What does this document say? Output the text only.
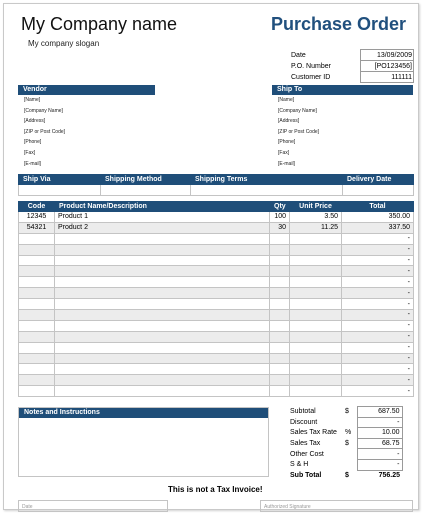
My Company name
My company slogan
Purchase Order
Date	13/09/2009
P.O. Number	[PO123456]
Customer ID	111111
Vendor
[Name]
[Company Name]
[Address]
[ZIP or Post Code]
[Phone]
[Fax]
[E-mail]
Ship To
[Name]
[Company Name]
[Address]
[ZIP or Post Code]
[Phone]
[Fax]
[E-mail]
Ship Via	Shipping Method	Shipping Terms	Delivery Date

Code	Product Name/Description	Qty	Unit Price	Total
12345	Product 1	100	3.50	350.00
54321	Product 2	30	11.25	337.50
				-
				-
				-
				-
				-
				-
				-
				-
				-
				-
				-
				-
				-
				-
				-
Notes and Instructions	Subtotal	$	687.50
Discount		-
Sales Tax Rate	%	10.00
Sales Tax	$	68.75
Other Cost		-
S & H		-
Sub Total	$	756.25
This is not a Tax Invoice!
Date	Authorized Signature
